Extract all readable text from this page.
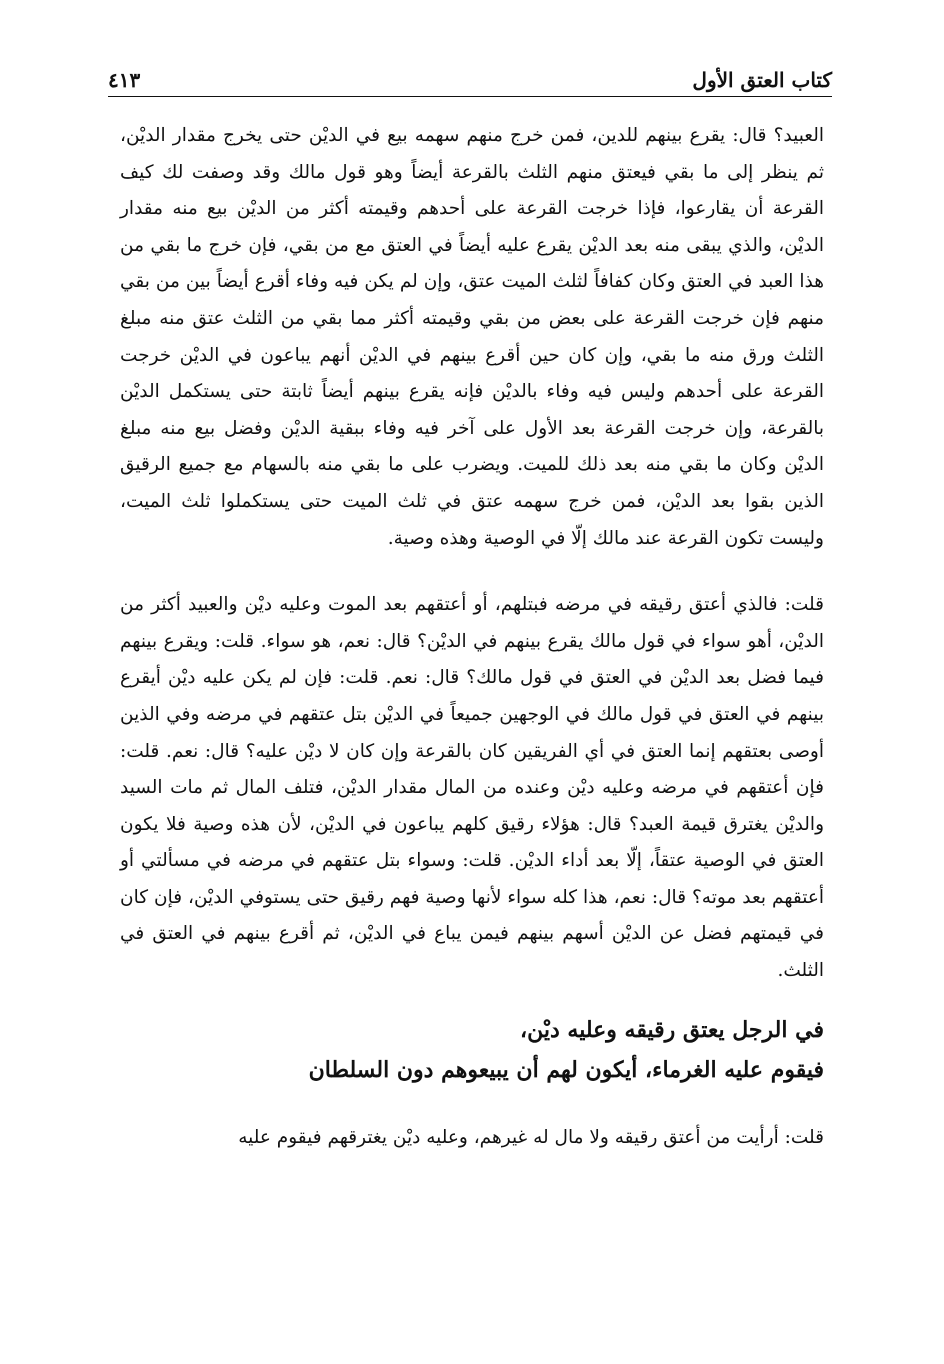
كتاب العتق الأول
٤١٣

العبيد؟ قال: يقرع بينهم للدين، فمن خرج منهم سهمه بيع في الديْن حتى يخرج مقدار الديْن، ثم ينظر إلى ما بقي فيعتق منهم الثلث بالقرعة أيضاً وهو قول مالك وقد وصفت لك كيف القرعة أن يقارعوا، فإذا خرجت القرعة على أحدهم وقيمته أكثر من الديْن بيع منه مقدار الديْن، والذي يبقى منه بعد الديْن يقرع عليه أيضاً في العتق مع من بقي، فإن خرج ما بقي من هذا العبد في العتق وكان كفافاً لثلث الميت عتق، وإن لم يكن فيه وفاء أقرع أيضاً بين من بقي منهم فإن خرجت القرعة على بعض من بقي وقيمته أكثر مما بقي من الثلث عتق منه مبلغ الثلث ورق منه ما بقي، وإن كان حين أقرع بينهم في الديْن أنهم يباعون في الديْن خرجت القرعة على أحدهم وليس فيه وفاء بالديْن فإنه يقرع بينهم أيضاً ثابتة حتى يستكمل الديْن بالقرعة، وإن خرجت القرعة بعد الأول على آخر فيه وفاء ببقية الديْن وفضل بيع منه مبلغ الديْن وكان ما بقي منه بعد ذلك للميت. ويضرب على ما بقي منه بالسهام مع جميع الرقيق الذين بقوا بعد الديْن، فمن خرج سهمه عتق في ثلث الميت حتى يستكملوا ثلث الميت، وليست تكون القرعة عند مالك إلّا في الوصية وهذه وصية.

قلت: فالذي أعتق رقيقه في مرضه فبتلهم، أو أعتقهم بعد الموت وعليه ديْن والعبيد أكثر من الديْن، أهو سواء في قول مالك يقرع بينهم في الديْن؟ قال: نعم، هو سواء. قلت: ويقرع بينهم فيما فضل بعد الديْن في العتق في قول مالك؟ قال: نعم. قلت: فإن لم يكن عليه ديْن أيقرع بينهم في العتق في قول مالك في الوجهين جميعاً في الديْن بتل عتقهم في مرضه وفي الذين أوصى بعتقهم إنما العتق في أي الفريقين كان بالقرعة وإن كان لا ديْن عليه؟ قال: نعم. قلت: فإن أعتقهم في مرضه وعليه ديْن وعنده من المال مقدار الديْن، فتلف المال ثم مات السيد والديْن يغترق قيمة العبد؟ قال: هؤلاء رقيق كلهم يباعون في الديْن، لأن هذه وصية فلا يكون العتق في الوصية عتقاً، إلّا بعد أداء الديْن. قلت: وسواء بتل عتقهم في مرضه في مسألتي أو أعتقهم بعد موته؟ قال: نعم، هذا كله سواء لأنها وصية فهم رقيق حتى يستوفي الديْن، فإن كان في قيمتهم فضل عن الديْن أسهم بينهم فيمن يباع في الديْن، ثم أقرع بينهم في العتق في الثلث.

في الرجل يعتق رقيقه وعليه ديْن،
فيقوم عليه الغرماء، أيكون لهم أن يبيعوهم دون السلطان

قلت: أرأيت من أعتق رقيقه ولا مال له غيرهم، وعليه ديْن يغترقهم فيقوم عليه
